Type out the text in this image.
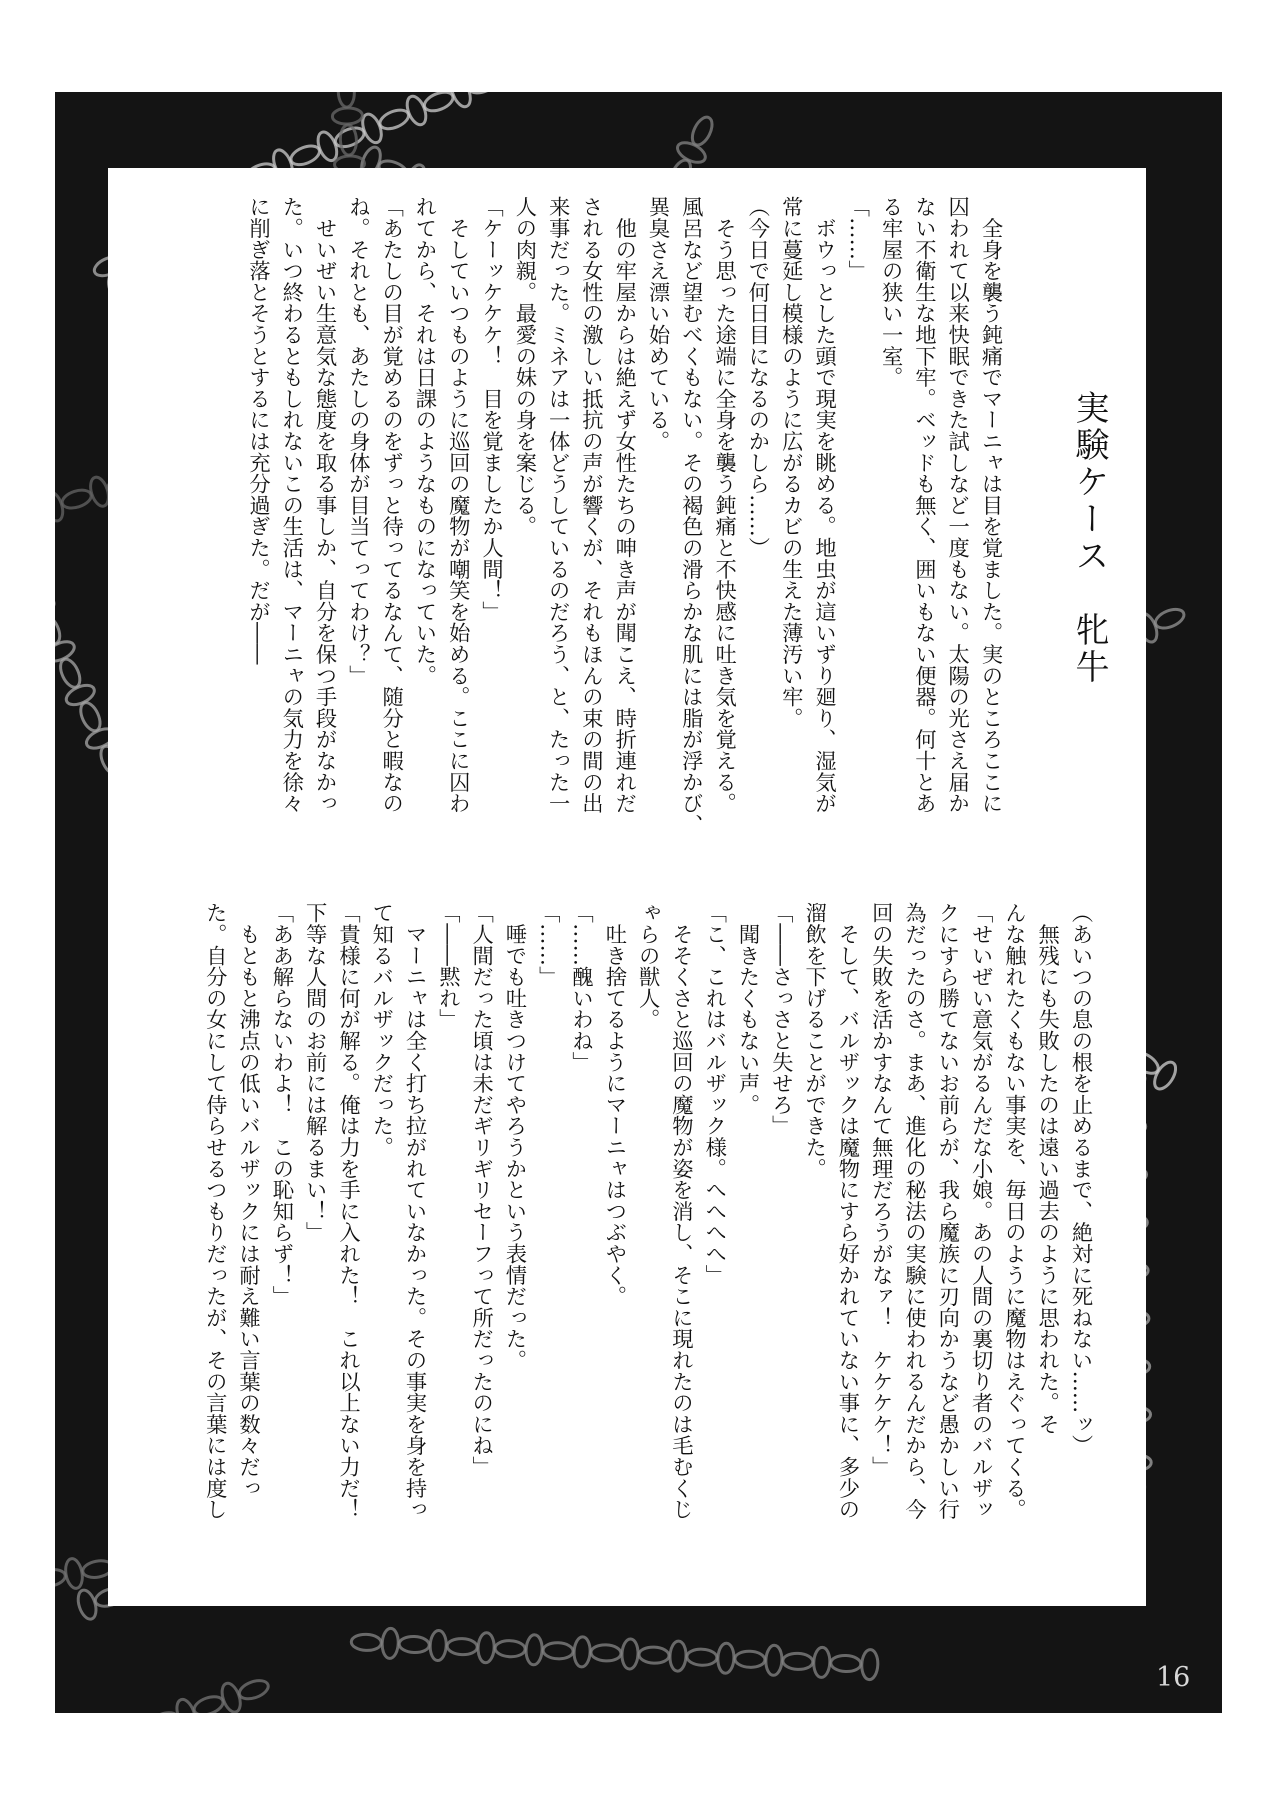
実験ケース　牝牛

　全身を襲う鈍痛でマーニャは目を覚ました。実のところここに

囚われて以来快眠できた試しなど一度もない。太陽の光さえ届か

ない不衛生な地下牢。ベッドも無く、囲いもない便器。何十とあ

る牢屋の狭い一室。

「……」

　ボウっとした頭で現実を眺める。地虫が這いずり廻り、湿気が

常に蔓延し模様のように広がるカビの生えた薄汚い牢。

（今日で何日目になるのかしら……）

　そう思った途端に全身を襲う鈍痛と不快感に吐き気を覚える。

風呂など望むべくもない。その褐色の滑らかな肌には脂が浮かび、

異臭さえ漂い始めている。

　他の牢屋からは絶えず女性たちの呻き声が聞こえ、時折連れだ

される女性の激しい抵抗の声が響くが、それもほんの束の間の出

来事だった。ミネアは一体どうしているのだろう、と、たった一

人の肉親。最愛の妹の身を案じる。

「ケーッケケケ！　目を覚ましたか人間！」

　そしていつものように巡回の魔物が嘲笑を始める。ここに囚わ

れてから、それは日課のようなものになっていた。

「あたしの目が覚めるのをずっと待ってるなんて、随分と暇なの

ね。それとも、あたしの身体が目当てってわけ？」

　せいぜい生意気な態度を取る事しか、自分を保つ手段がなかっ

た。いつ終わるともしれないこの生活は、マーニャの気力を徐々

に削ぎ落とそうとするには充分過ぎた。だが――

（あいつの息の根を止めるまで、絶対に死ねない……ッ）

　無残にも失敗したのは遠い過去のように思われた。そ

んな触れたくもない事実を、毎日のように魔物はえぐってくる。

「せいぜい意気がるんだな小娘。あの人間の裏切り者のバルザッ

クにすら勝てないお前らが、我ら魔族に刃向かうなど愚かしい行

為だったのさ。まあ、進化の秘法の実験に使われるんだから、今

回の失敗を活かすなんて無理だろうがなァ！　ケケケケ！」

　そして、バルザックは魔物にすら好かれていない事に、多少の

溜飲を下げることができた。

「――さっさと失せろ」

　聞きたくもない声。

「こ、これはバルザック様。へへへへ」

　そそくさと巡回の魔物が姿を消し、そこに現れたのは毛むくじ

ゃらの獣人。

　吐き捨てるようにマーニャはつぶやく。

「……醜いわね」

「……」

　唾でも吐きつけてやろうかという表情だった。

「人間だった頃は未だギリギリセーフって所だったのにね」

「――黙れ」

　マーニャは全く打ち拉がれていなかった。その事実を身を持っ

て知るバルザックだった。

「貴様に何が解る。俺は力を手に入れた！　これ以上ない力だ！

下等な人間のお前には解るまい！」

「ああ解らないわよ！　この恥知らず！」

　もともと沸点の低いバルザックには耐え難い言葉の数々だっ

た。自分の女にして侍らせるつもりだったが、その言葉には度し

16
